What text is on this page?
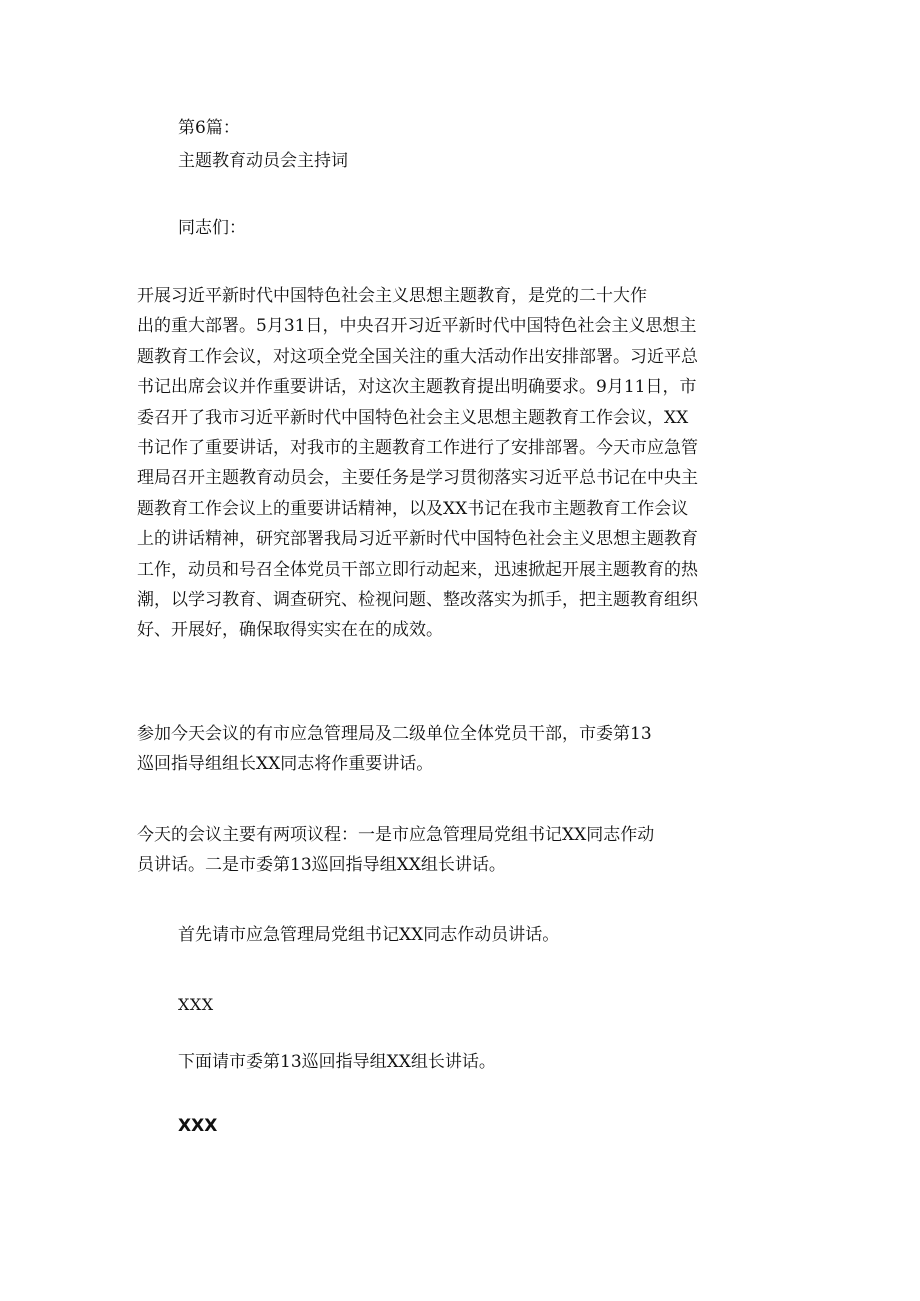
第6篇：
主题教育动员会主持词
同志们：
开展习近平新时代中国特色社会主义思想主题教育，是党的二十大作
出的重大部署。5月31日，中央召开习近平新时代中国特色社会主义思想主
题教育工作会议，对这项全党全国关注的重大活动作出安排部署。习近平总
书记出席会议并作重要讲话，对这次主题教育提出明确要求。9月11日，市
委召开了我市习近平新时代中国特色社会主义思想主题教育工作会议，XX
书记作了重要讲话，对我市的主题教育工作进行了安排部署。今天市应急管
理局召开主题教育动员会，主要任务是学习贯彻落实习近平总书记在中央主
题教育工作会议上的重要讲话精神，以及XX书记在我市主题教育工作会议
上的讲话精神，研究部署我局习近平新时代中国特色社会主义思想主题教育
工作，动员和号召全体党员干部立即行动起来，迅速掀起开展主题教育的热
潮，以学习教育、调查研究、检视问题、整改落实为抓手，把主题教育组织
好、开展好，确保取得实实在在的成效。
参加今天会议的有市应急管理局及二级单位全体党员干部，市委第13
巡回指导组组长XX同志将作重要讲话。
今天的会议主要有两项议程：一是市应急管理局党组书记XX同志作动
员讲话。二是市委第13巡回指导组XX组长讲话。
首先请市应急管理局党组书记XX同志作动员讲话。
XXX
下面请市委第13巡回指导组XX组长讲话。
XXX
